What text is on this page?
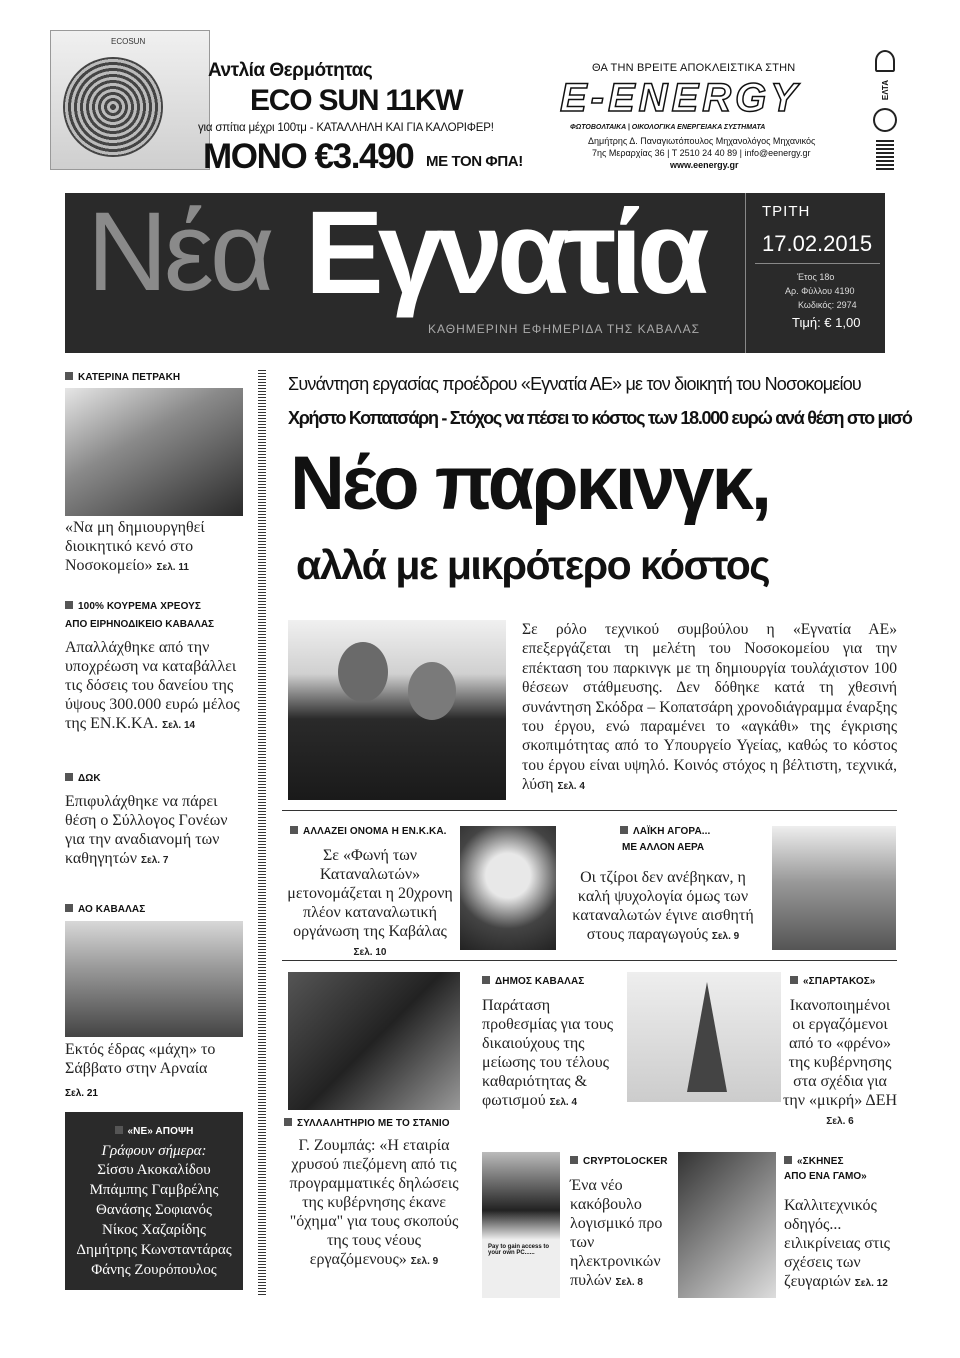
ECOSUN
Αντλία Θερμότητας
ECO SUN 11KW
για σπίτια μέχρι 100τμ - ΚΑΤΑΛΛΗΛΗ ΚΑΙ ΓΙΑ ΚΑΛΟΡΙΦΕΡ!
ΜΟΝΟ €3.490 ΜΕ ΤΟΝ ΦΠΑ!
ΘΑ ΤΗΝ ΒΡΕΙΤΕ ΑΠΟΚΛΕΙΣΤΙΚΑ ΣΤΗΝ
E-ENERGY
ΦΩΤΟΒΟΛΤΑΙΚΑ | ΟΙΚΟΛΟΓΙΚΑ ΕΝΕΡΓΕΙΑΚΑ ΣΥΣΤΗΜΑΤΑ
Δημήτρης Δ. Παναγιωτόπουλος Μηχανολόγος Μηχανικός
7ης Μεραρχίας 36 | Τ 2510 24 40 89 | info@eenergy.gr
www.eenergy.gr
ΕΛΤΑ
Νέα Εγνατία
ΚΑΘΗΜΕΡΙΝΗ ΕΦΗΜΕΡΙΔΑ ΤΗΣ ΚΑΒΑΛΑΣ
ΤΡΙΤΗ
17.02.2015
Έτος 18ο
Αρ. Φύλλου 4190
Κωδικός: 2974
Τιμή: € 1,00
ΚΑΤΕΡΙΝΑ ΠΕΤΡΑΚΗ
«Να μη δημιουργηθεί διοικητικό κενό στο Νοσοκομείο» Σελ. 11
100% ΚΟΥΡΕΜΑ ΧΡΕΟΥΣ
ΑΠΟ ΕΙΡΗΝΟΔΙΚΕΙΟ ΚΑΒΑΛΑΣ
Απαλλάχθηκε από την υποχρέωση να καταβάλλει τις δόσεις του δανείου της ύψους 300.000 ευρώ μέλος της ΕΝ.Κ.ΚΑ. Σελ. 14
ΔΩΚ
Επιφυλάχθηκε να πάρει θέση ο Σύλλογος Γονέων για την αναδιανομή των καθηγητών Σελ. 7
ΑΟ ΚΑΒΑΛΑΣ
Εκτός έδρας «μάχη» το Σάββατο στην Αρναία
Σελ. 21
«ΝΕ» ΑΠΟΨΗ
Γράφουν σήμερα:
Σίσσυ Ακοκαλίδου
Μπάμπης Γαμβρέλης
Θανάσης Σοφιανός
Νίκος Χαζαρίδης
Δημήτρης Κωνσταντάρας
Φάνης Ζουρόπουλος
Συνάντηση εργασίας προέδρου «Εγνατία ΑΕ» με τον διοικητή του Νοσοκομείου
Χρήστο Κοπατσάρη - Στόχος να πέσει το κόστος των 18.000 ευρώ ανά θέση στο μισό
Νέο παρκινγκ,
αλλά με μικρότερο κόστος
Σε ρόλο τεχνικού συμβούλου η «Εγνατία ΑΕ» επεξεργάζεται τη μελέτη του Νοσοκομείου για την επέκταση του παρκινγκ με τη δημιουργία τουλάχιστον 100 θέσεων στάθμευσης. Δεν δόθηκε κατά τη χθεσινή συνάντηση Σκόδρα – Κοπατσάρη χρονοδιάγραμμα έναρξης του έργου, ενώ παραμένει το «αγκάθι» της έγκρισης σκοπιμότητας από το Υπουργείο Υγείας, καθώς το κόστος του έργου είναι υψηλό. Κοινός στόχος η βέλτιστη, τεχνικά, λύση Σελ. 4
ΑΛΛΑΖΕΙ ΟΝΟΜΑ Η ΕΝ.Κ.ΚΑ.
Σε «Φωνή των Καταναλωτών» μετονομάζεται η 20χρονη πλέον καταναλωτική οργάνωση της Καβάλας Σελ. 10
ΛΑΪΚΗ ΑΓΟΡΑ...
ΜΕ ΑΛΛΟΝ ΑΕΡΑ
Οι τζίροι δεν ανέβηκαν, η καλή ψυχολογία όμως των καταναλωτών έγινε αισθητή στους παραγωγούς Σελ. 9
ΣΥΛΛΑΛΗΤΗΡΙΟ ΜΕ ΤΟ ΣΤΑΝΙΟ
Γ. Ζουμπάς: «Η εταιρία χρυσού πιεζόμενη από τις προγραμματικές δηλώσεις της κυβέρνησης έκανε "όχημα" για τους σκοπούς της τους νέους εργαζόμενους» Σελ. 9
ΔΗΜΟΣ ΚΑΒΑΛΑΣ
Παράταση προθεσμίας για τους δικαιούχους της μείωσης του τέλους καθαριότητας & φωτισμού Σελ. 4
«ΣΠΑΡΤΑΚΟΣ»
Ικανοποιημένοι οι εργαζόμενοι από το «φρένο» της κυβέρνησης στα σχέδια για την «μικρή» ΔΕΗ Σελ. 6
Pay to gain access to your own PC......
CRYPTOLOCKER
Ένα νέο κακόβουλο λογισμικό προ των ηλεκτρονικών πυλών Σελ. 8
«ΣΚΗΝΕΣ
ΑΠΟ ΕΝΑ ΓΑΜΟ»
Καλλιτεχνικός οδηγός... ειλικρίνειας στις σχέσεις των ζευγαριών Σελ. 12
